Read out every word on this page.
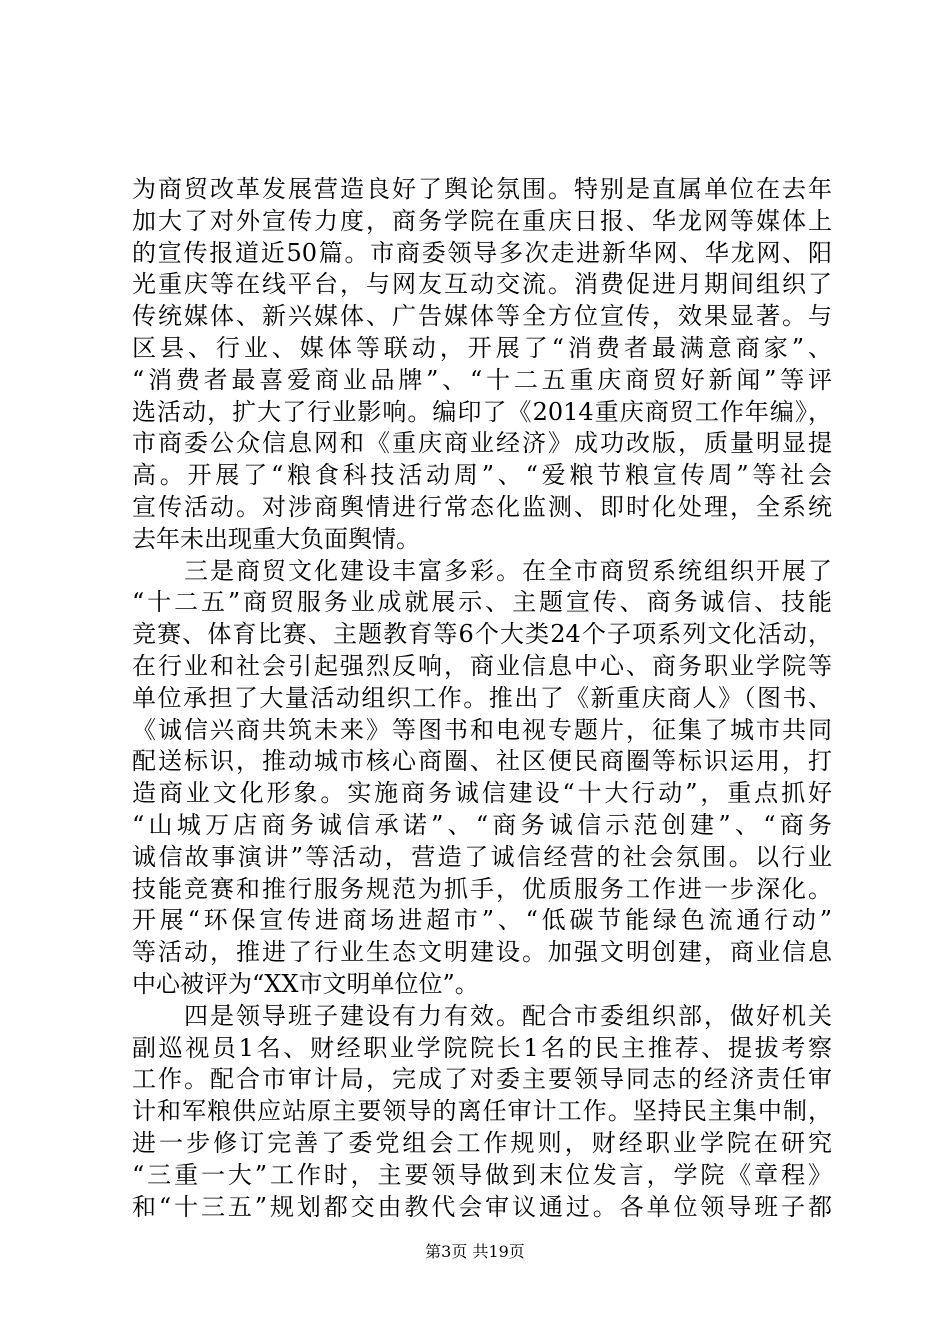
为商贸改革发展营造良好了舆论氛围。特别是直属单位在去年
加大了对外宣传力度，商务学院在重庆日报、华龙网等媒体上
的宣传报道近50篇。市商委领导多次走进新华网、华龙网、阳
光重庆等在线平台，与网友互动交流。消费促进月期间组织了
传统媒体、新兴媒体、广告媒体等全方位宣传，效果显著。与
区县、行业、媒体等联动，开展了“消费者最满意商家”、
“消费者最喜爱商业品牌”、“十二五重庆商贸好新闻”等评
选活动，扩大了行业影响。编印了《2014重庆商贸工作年编》，
市商委公众信息网和《重庆商业经济》成功改版，质量明显提
高。开展了“粮食科技活动周”、“爱粮节粮宣传周”等社会
宣传活动。对涉商舆情进行常态化监测、即时化处理，全系统
去年未出现重大负面舆情。
　　三是商贸文化建设丰富多彩。在全市商贸系统组织开展了
“十二五”商贸服务业成就展示、主题宣传、商务诚信、技能
竞赛、体育比赛、主题教育等6个大类24个子项系列文化活动，
在行业和社会引起强烈反响，商业信息中心、商务职业学院等
单位承担了大量活动组织工作。推出了《新重庆商人》（图书、
《诚信兴商共筑未来》等图书和电视专题片，征集了城市共同
配送标识，推动城市核心商圈、社区便民商圈等标识运用，打
造商业文化形象。实施商务诚信建设“十大行动”，重点抓好
“山城万店商务诚信承诺”、“商务诚信示范创建”、“商务
诚信故事演讲”等活动，营造了诚信经营的社会氛围。以行业
技能竞赛和推行服务规范为抓手，优质服务工作进一步深化。
开展“环保宣传进商场进超市”、“低碳节能绿色流通行动”
等活动，推进了行业生态文明建设。加强文明创建，商业信息
中心被评为“XX市文明单位位”。
　　四是领导班子建设有力有效。配合市委组织部，做好机关
副巡视员1名、财经职业学院院长1名的民主推荐、提拔考察
工作。配合市审计局，完成了对委主要领导同志的经济责任审
计和军粮供应站原主要领导的离任审计工作。坚持民主集中制，
进一步修订完善了委党组会工作规则，财经职业学院在研究
“三重一大”工作时，主要领导做到末位发言，学院《章程》
和“十三五”规划都交由教代会审议通过。各单位领导班子都
第3页 共19页
